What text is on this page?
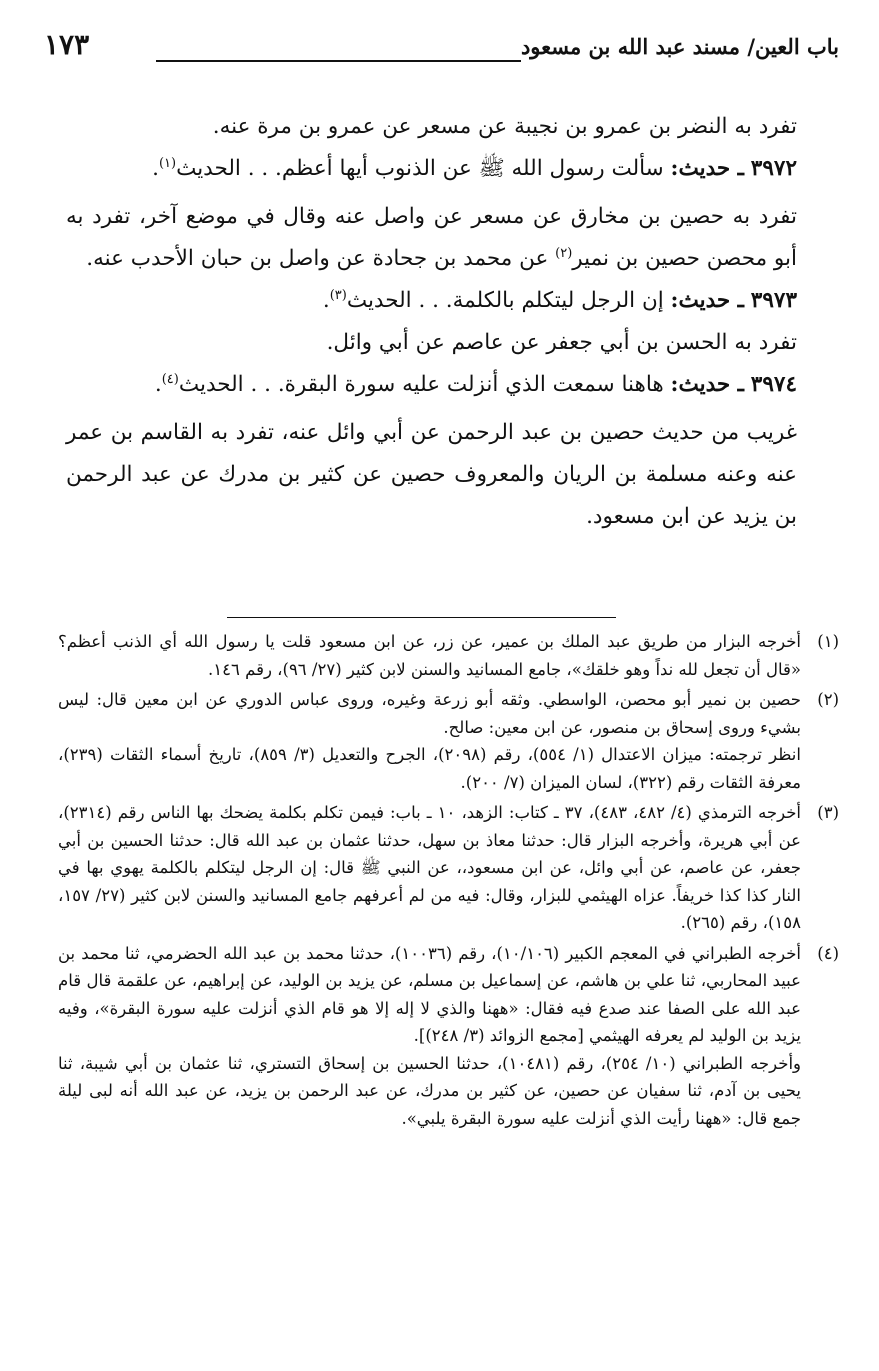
باب العين/ مسند عبد الله بن مسعود
١٧٣

تفرد به النضر بن عمرو بن نجيبة عن مسعر عن عمرو بن مرة عنه.

٣٩٧٢ ـ حديث: سألت رسول الله ﷺ عن الذنوب أيها أعظم. . . الحديث$^{(١)}$.

تفرد به حصين بن مخارق عن مسعر عن واصل عنه وقال في موضع آخر، تفرد به أبو محصن حصين بن نمير$^{(٢)}$ عن محمد بن جحادة عن واصل بن حبان الأحدب عنه.

٣٩٧٣ ـ حديث: إن الرجل ليتكلم بالكلمة. . . الحديث$^{(٣)}$.

تفرد به الحسن بن أبي جعفر عن عاصم عن أبي وائل.

٣٩٧٤ ـ حديث: هاهنا سمعت الذي أنزلت عليه سورة البقرة. . . الحديث$^{(٤)}$.

غريب من حديث حصين بن عبد الرحمن عن أبي وائل عنه، تفرد به القاسم بن عمر عنه وعنه مسلمة بن الريان والمعروف حصين عن كثير بن مدرك عن عبد الرحمن بن يزيد عن ابن مسعود.

(١)

أخرجه البزار من طريق عبد الملك بن عمير، عن زر، عن ابن مسعود قلت يا رسول الله أي الذنب أعظم؟ «قال أن تجعل لله نداً وهو خلقك»، جامع المسانيد والسنن لابن كثير (٢٧/ ٩٦)، رقم ١٤٦.

(٢)

حصين بن نمير أبو محصن، الواسطي. وثقه أبو زرعة وغيره، وروى عباس الدوري عن ابن معين قال: ليس بشيء وروى إسحاق بن منصور، عن ابن معين: صالح.

انظر ترجمته: ميزان الاعتدال (١/ ٥٥٤)، رقم (٢٠٩٨)، الجرح والتعديل (٣/ ٨٥٩)، تاريخ أسماء الثقات (٢٣٩)، معرفة الثقات رقم (٣٢٢)، لسان الميزان (٧/ ٢٠٠).

(٣)

أخرجه الترمذي (٤/ ٤٨٢، ٤٨٣)، ٣٧ ـ كتاب: الزهد، ١٠ ـ باب: فيمن تكلم بكلمة يضحك بها الناس رقم (٢٣١٤)، عن أبي هريرة، وأخرجه البزار قال: حدثنا معاذ بن سهل، حدثنا عثمان بن عبد الله قال: حدثنا الحسين بن أبي جعفر، عن عاصم، عن أبي وائل، عن ابن مسعود،، عن النبي ﷺ قال: إن الرجل ليتكلم بالكلمة يهوي بها في النار كذا كذا خريفاً. عزاه الهيثمي للبزار، وقال: فيه من لم أعرفهم جامع المسانيد والسنن لابن كثير (٢٧/ ١٥٧، ١٥٨)، رقم (٢٦٥).

(٤)

أخرجه الطبراني في المعجم الكبير (١٠/١٠٦)، رقم (١٠٠٣٦)، حدثنا محمد بن عبد الله الحضرمي، ثنا محمد بن عبيد المحاربي، ثنا علي بن هاشم، عن إسماعيل بن مسلم، عن يزيد بن الوليد، عن إبراهيم، عن علقمة قال قام عبد الله على الصفا عند صدع فيه فقال: «ههنا والذي لا إله إلا هو قام الذي أنزلت عليه سورة البقرة»، وفيه يزيد بن الوليد لم يعرفه الهيثمي [مجمع الزوائد (٣/ ٢٤٨)].

وأخرجه الطبراني (١٠/ ٢٥٤)، رقم (١٠٤٨١)، حدثنا الحسين بن إسحاق التستري، ثنا عثمان بن أبي شيبة، ثنا يحيى بن آدم، ثنا سفيان عن حصين، عن كثير بن مدرك، عن عبد الرحمن بن يزيد، عن عبد الله أنه لبى ليلة جمع قال: «ههنا رأيت الذي أنزلت عليه سورة البقرة يلبي».
